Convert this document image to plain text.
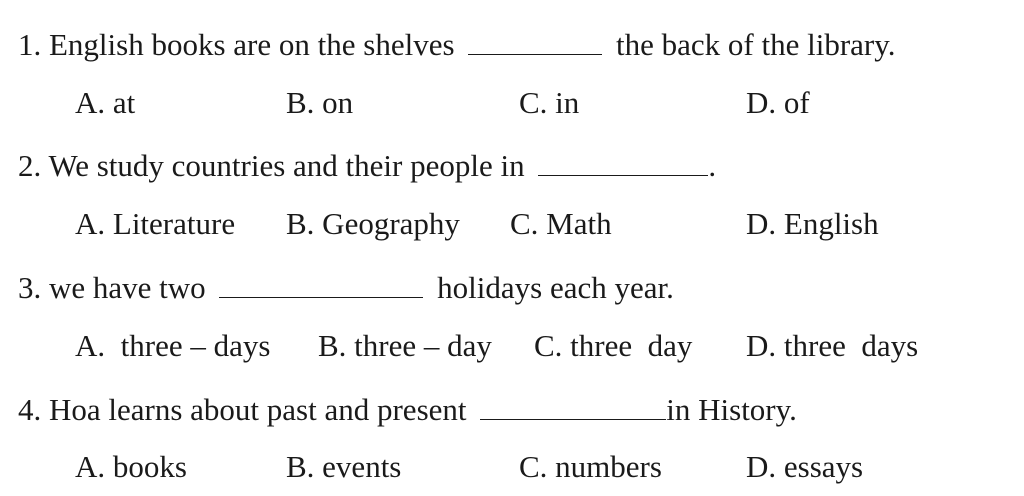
1. English books are on the shelves	the back of the library.
A. at	B. on	C. in	D. of
2. We study countries and their people in	.
A. Literature B. Geography C. Math	D. English
3. we have two	holidays each year.
A.  three – days B. three – day C. three  day D. three  days
4. Hoa learns about past and present	in History.
A. books	B. events	C. numbers	D. essays
